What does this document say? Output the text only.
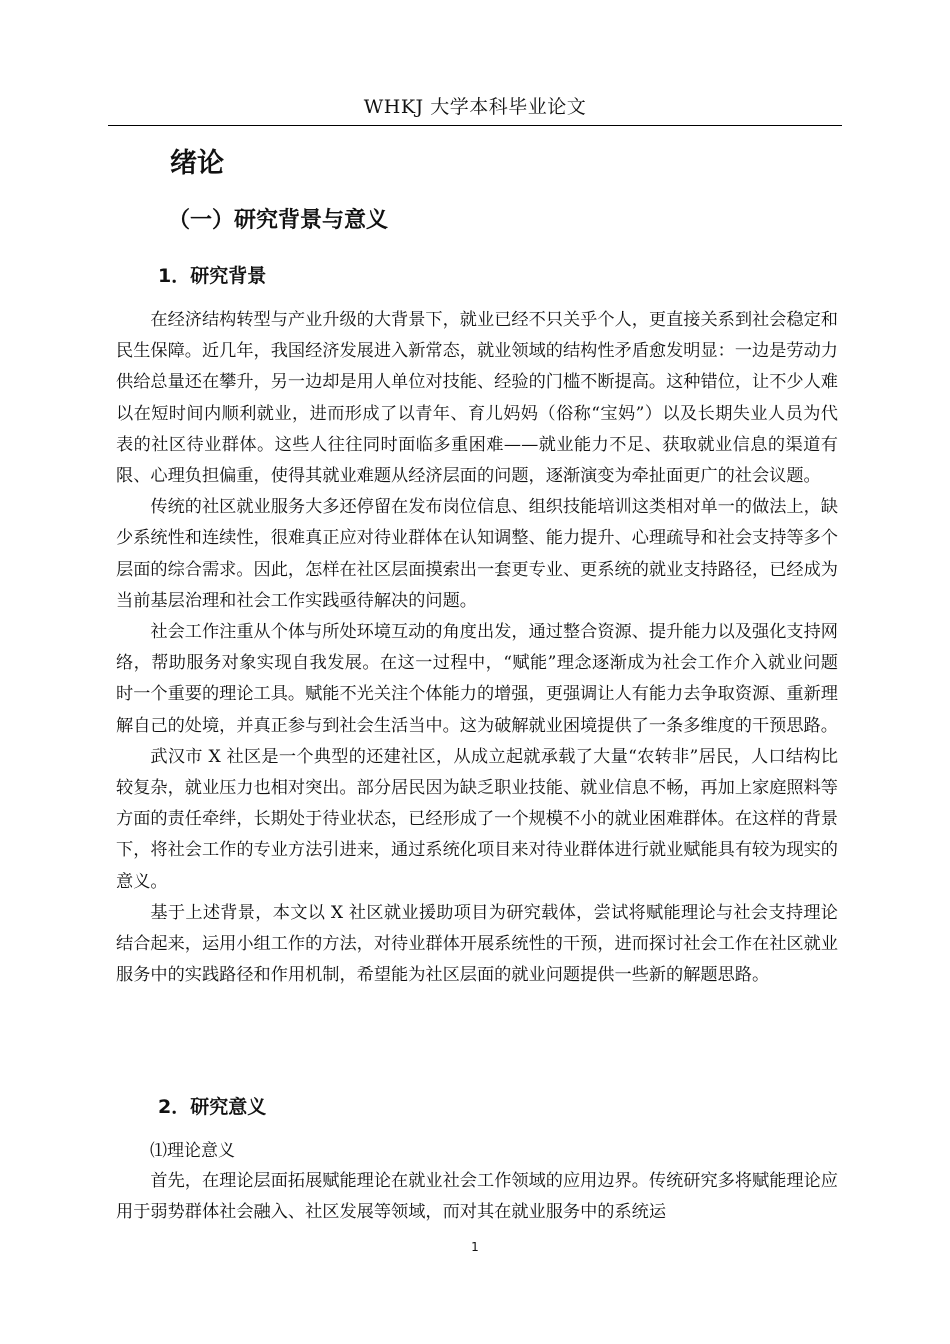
WHKJ 大学本科毕业论文
绪论
（一）研究背景与意义
1．研究背景

在经济结构转型与产业升级的大背景下，就业已经不只关乎个人，更直接关系到社会稳定和民生保障。近几年，我国经济发展进入新常态，就业领域的结构性矛盾愈发明显：一边是劳动力供给总量还在攀升，另一边却是用人单位对技能、经验的门槛不断提高。这种错位，让不少人难以在短时间内顺利就业，进而形成了以青年、育儿妈妈（俗称“宝妈”）以及长期失业人员为代表的社区待业群体。这些人往往同时面临多重困难——就业能力不足、获取就业信息的渠道有限、心理负担偏重，使得其就业难题从经济层面的问题，逐渐演变为牵扯面更广的社会议题。

传统的社区就业服务大多还停留在发布岗位信息、组织技能培训这类相对单一的做法上，缺少系统性和连续性，很难真正应对待业群体在认知调整、能力提升、心理疏导和社会支持等多个层面的综合需求。因此，怎样在社区层面摸索出一套更专业、更系统的就业支持路径，已经成为当前基层治理和社会工作实践亟待解决的问题。

社会工作注重从个体与所处环境互动的角度出发，通过整合资源、提升能力以及强化支持网络，帮助服务对象实现自我发展。在这一过程中，“赋能”理念逐渐成为社会工作介入就业问题时一个重要的理论工具。赋能不光关注个体能力的增强，更强调让人有能力去争取资源、重新理解自己的处境，并真正参与到社会生活当中。这为破解就业困境提供了一条多维度的干预思路。

武汉市 X 社区是一个典型的还建社区，从成立起就承载了大量“农转非”居民，人口结构比较复杂，就业压力也相对突出。部分居民因为缺乏职业技能、就业信息不畅，再加上家庭照料等方面的责任牵绊，长期处于待业状态，已经形成了一个规模不小的就业困难群体。在这样的背景下，将社会工作的专业方法引进来，通过系统化项目来对待业群体进行就业赋能具有较为现实的意义。

基于上述背景，本文以 X 社区就业援助项目为研究载体，尝试将赋能理论与社会支持理论结合起来，运用小组工作的方法，对待业群体开展系统性的干预，进而探讨社会工作在社区就业服务中的实践路径和作用机制，希望能为社区层面的就业问题提供一些新的解题思路。

2．研究意义
⑴理论意义

首先，在理论层面拓展赋能理论在就业社会工作领域的应用边界。传统研究多将赋能理论应用于弱势群体社会融入、社区发展等领域，而对其在就业服务中的系统运

1
